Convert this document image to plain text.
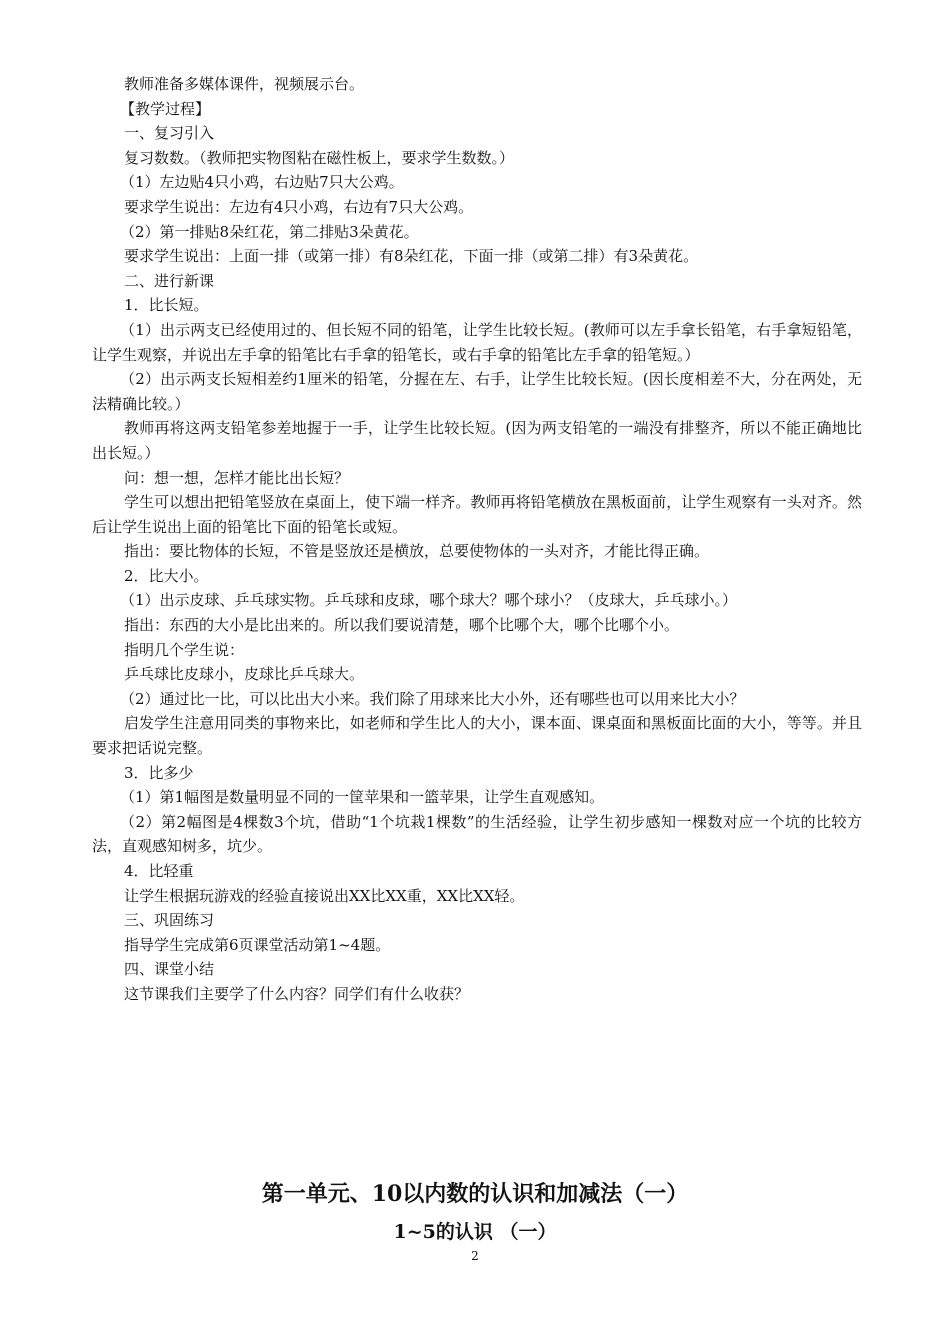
教师准备多媒体课件，视频展示台。

【教学过程】

一、复习引入

复习数数。（教师把实物图粘在磁性板上，要求学生数数。）

（1）左边贴4只小鸡，右边贴7只大公鸡。

要求学生说出：左边有4只小鸡，右边有7只大公鸡。

（2）第一排贴8朵红花，第二排贴3朵黄花。

要求学生说出：上面一排（或第一排）有8朵红花，下面一排（或第二排）有3朵黄花。

二、进行新课

1．比长短。

（1）出示两支已经使用过的、但长短不同的铅笔，让学生比较长短。(教师可以左手拿长铅笔，右手拿短铅笔，让学生观察，并说出左手拿的铅笔比右手拿的铅笔长，或右手拿的铅笔比左手拿的铅笔短。）

（2）出示两支长短相差约1厘米的铅笔，分握在左、右手，让学生比较长短。(因长度相差不大，分在两处，无法精确比较。）

教师再将这两支铅笔参差地握于一手，让学生比较长短。(因为两支铅笔的一端没有排整齐，所以不能正确地比出长短。）

问：想一想，怎样才能比出长短？

学生可以想出把铅笔竖放在桌面上，使下端一样齐。教师再将铅笔横放在黑板面前，让学生观察有一头对齐。然后让学生说出上面的铅笔比下面的铅笔长或短。

指出：要比物体的长短，不管是竖放还是横放，总要使物体的一头对齐，才能比得正确。

2．比大小。

（1）出示皮球、乒乓球实物。乒乓球和皮球，哪个球大？哪个球小？（皮球大，乒乓球小。）

指出：东西的大小是比出来的。所以我们要说清楚，哪个比哪个大，哪个比哪个小。

指明几个学生说：

乒乓球比皮球小，皮球比乒乓球大。

（2）通过比一比，可以比出大小来。我们除了用球来比大小外，还有哪些也可以用来比大小？

启发学生注意用同类的事物来比，如老师和学生比人的大小，课本面、课桌面和黑板面比面的大小，等等。并且要求把话说完整。

3．比多少

（1）第1幅图是数量明显不同的一筐苹果和一篮苹果，让学生直观感知。

（2）第2幅图是4棵数3个坑，借助“1个坑栽1棵数”的生活经验，让学生初步感知一棵数对应一个坑的比较方法，直观感知树多，坑少。

4．比轻重

让学生根据玩游戏的经验直接说出XX比XX重，XX比XX轻。

三、巩固练习

指导学生完成第6页课堂活动第1~4题。

四、课堂小结

这节课我们主要学了什么内容？同学们有什么收获？

第一单元、10以内数的认识和加减法（一）

1~5的认识 （一）

2
